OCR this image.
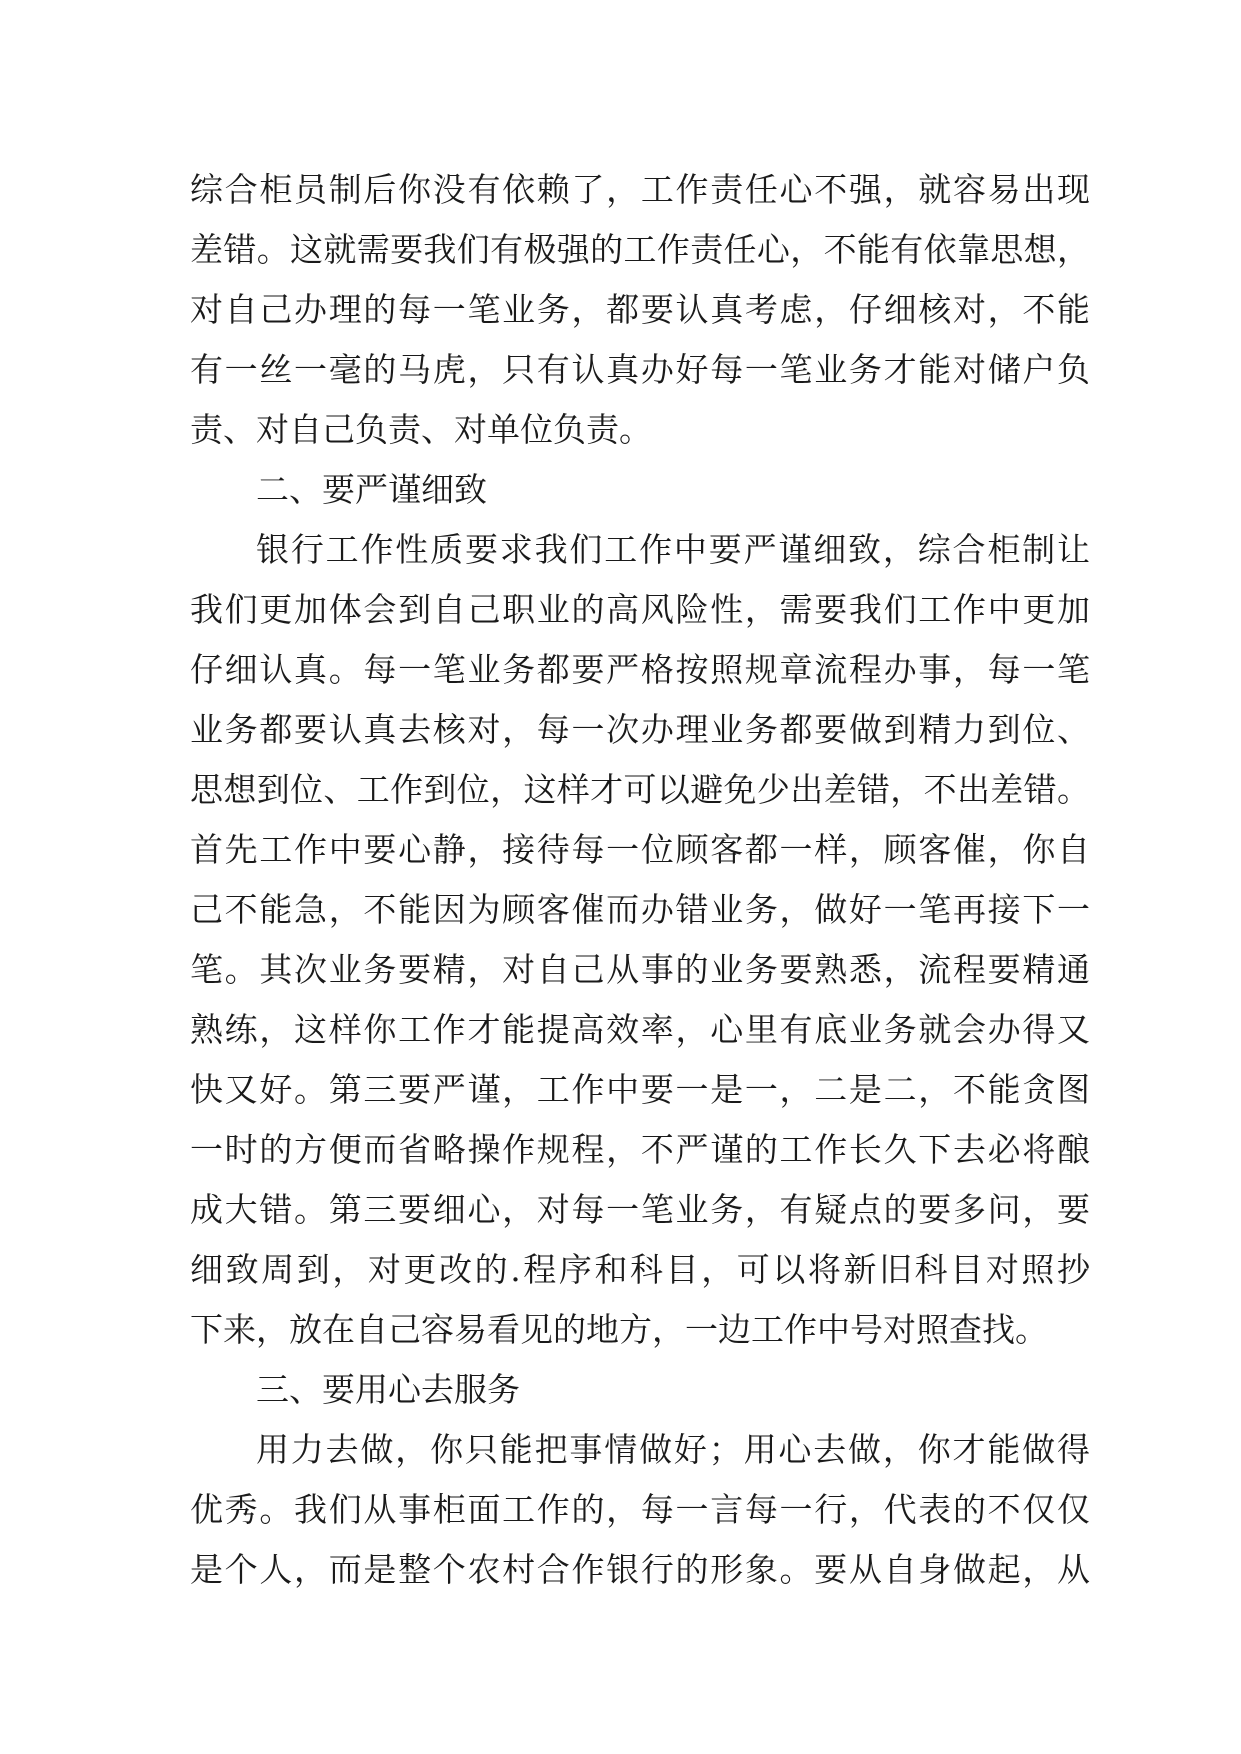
综合柜员制后你没有依赖了，工作责任心不强，就容易出现
差错。这就需要我们有极强的工作责任心，不能有依靠思想，
对自己办理的每一笔业务，都要认真考虑，仔细核对，不能
有一丝一毫的马虎，只有认真办好每一笔业务才能对储户负
责、对自己负责、对单位负责。
二、要严谨细致
银行工作性质要求我们工作中要严谨细致，综合柜制让
我们更加体会到自己职业的高风险性，需要我们工作中更加
仔细认真。每一笔业务都要严格按照规章流程办事，每一笔
业务都要认真去核对，每一次办理业务都要做到精力到位、
思想到位、工作到位，这样才可以避免少出差错，不出差错。
首先工作中要心静，接待每一位顾客都一样，顾客催，你自
己不能急，不能因为顾客催而办错业务，做好一笔再接下一
笔。其次业务要精，对自己从事的业务要熟悉，流程要精通
熟练，这样你工作才能提高效率，心里有底业务就会办得又
快又好。第三要严谨，工作中要一是一，二是二，不能贪图
一时的方便而省略操作规程，不严谨的工作长久下去必将酿
成大错。第三要细心，对每一笔业务，有疑点的要多问，要
细致周到，对更改的.程序和科目，可以将新旧科目对照抄
下来，放在自己容易看见的地方，一边工作中号对照查找。
三、要用心去服务
用力去做，你只能把事情做好；用心去做，你才能做得
优秀。我们从事柜面工作的，每一言每一行，代表的不仅仅
是个人，而是整个农村合作银行的形象。要从自身做起，从
